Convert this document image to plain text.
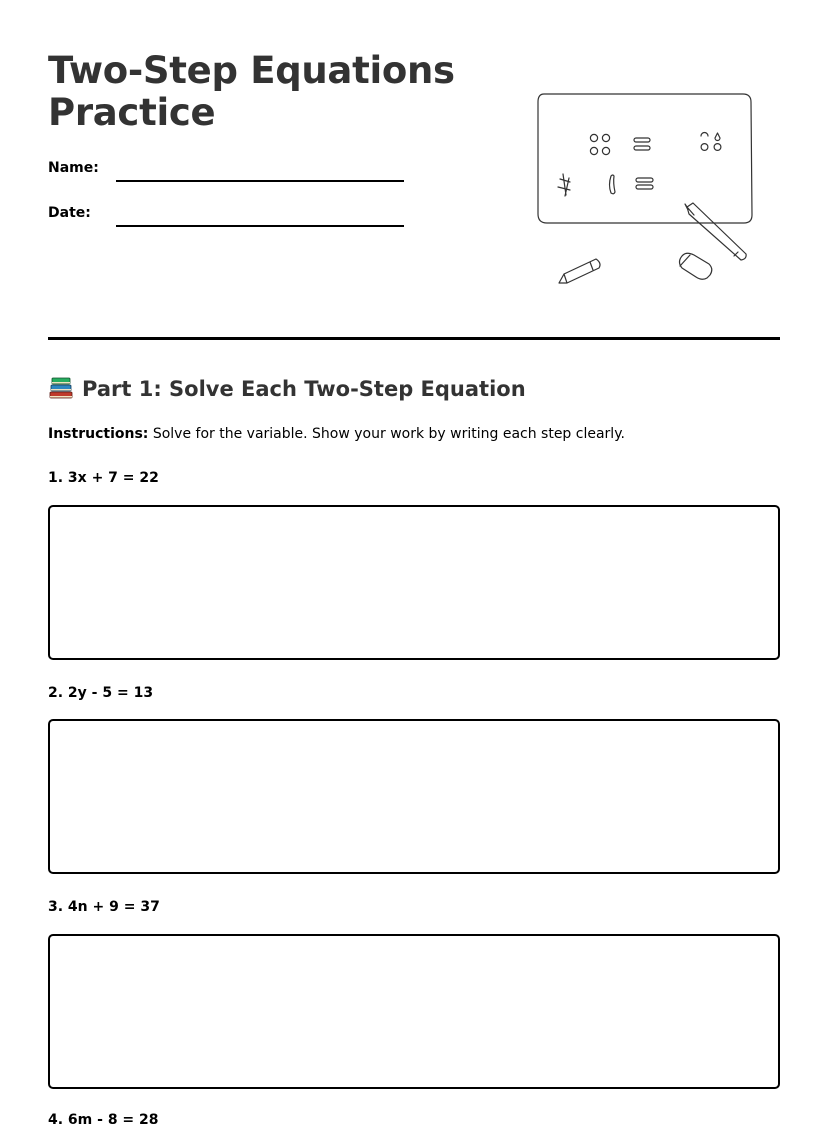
Two-Step Equations Practice
Name:
Date:
Part 1: Solve Each Two-Step Equation
Instructions: Solve for the variable. Show your work by writing each step clearly.
1. 3x + 7 = 22
2. 2y - 5 = 13
3. 4n + 9 = 37
4. 6m - 8 = 28
